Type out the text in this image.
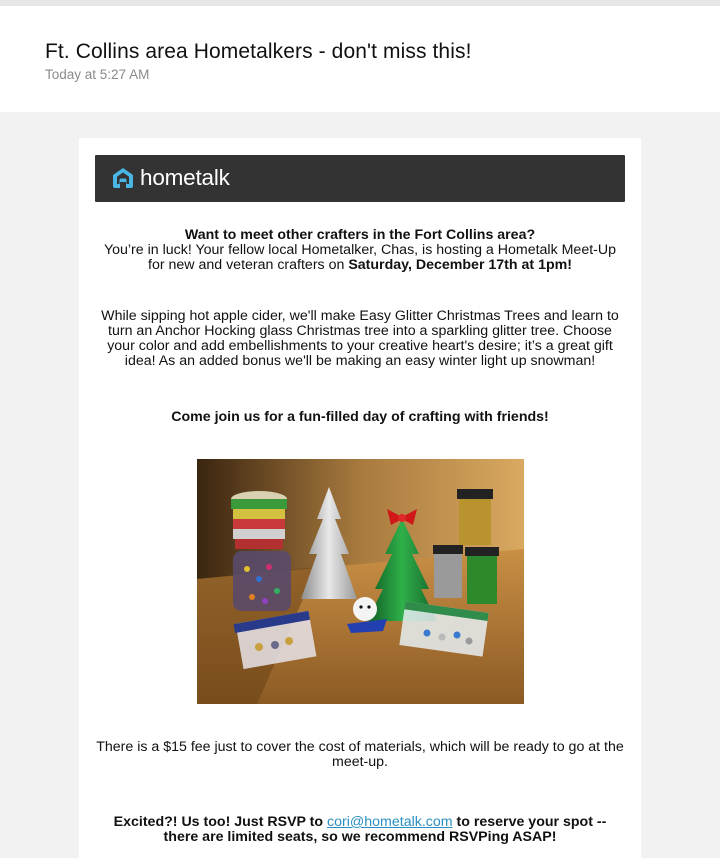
Ft. Collins area Hometalkers - don't miss this!
Today at 5:27 AM
hometalk

Want to meet other crafters in the Fort Collins area?
You’re in luck! Your fellow local Hometalker, Chas, is hosting a Hometalk Meet-Up for new and veteran crafters on Saturday, December 17th at 1pm!

While sipping hot apple cider, we'll make Easy Glitter Christmas Trees and learn to turn an Anchor Hocking glass Christmas tree into a sparkling glitter tree. Choose your color and add embellishments to your creative heart's desire; it’s a great gift idea! As an added bonus we'll be making an easy winter light up snowman!

Come join us for a fun-filled day of crafting with friends!

There is a $15 fee just to cover the cost of materials, which will be ready to go at the meet-up.

Excited?! Us too! Just RSVP to cori@hometalk.com to reserve your spot -- there are limited seats, so we recommend RSVPing ASAP!
